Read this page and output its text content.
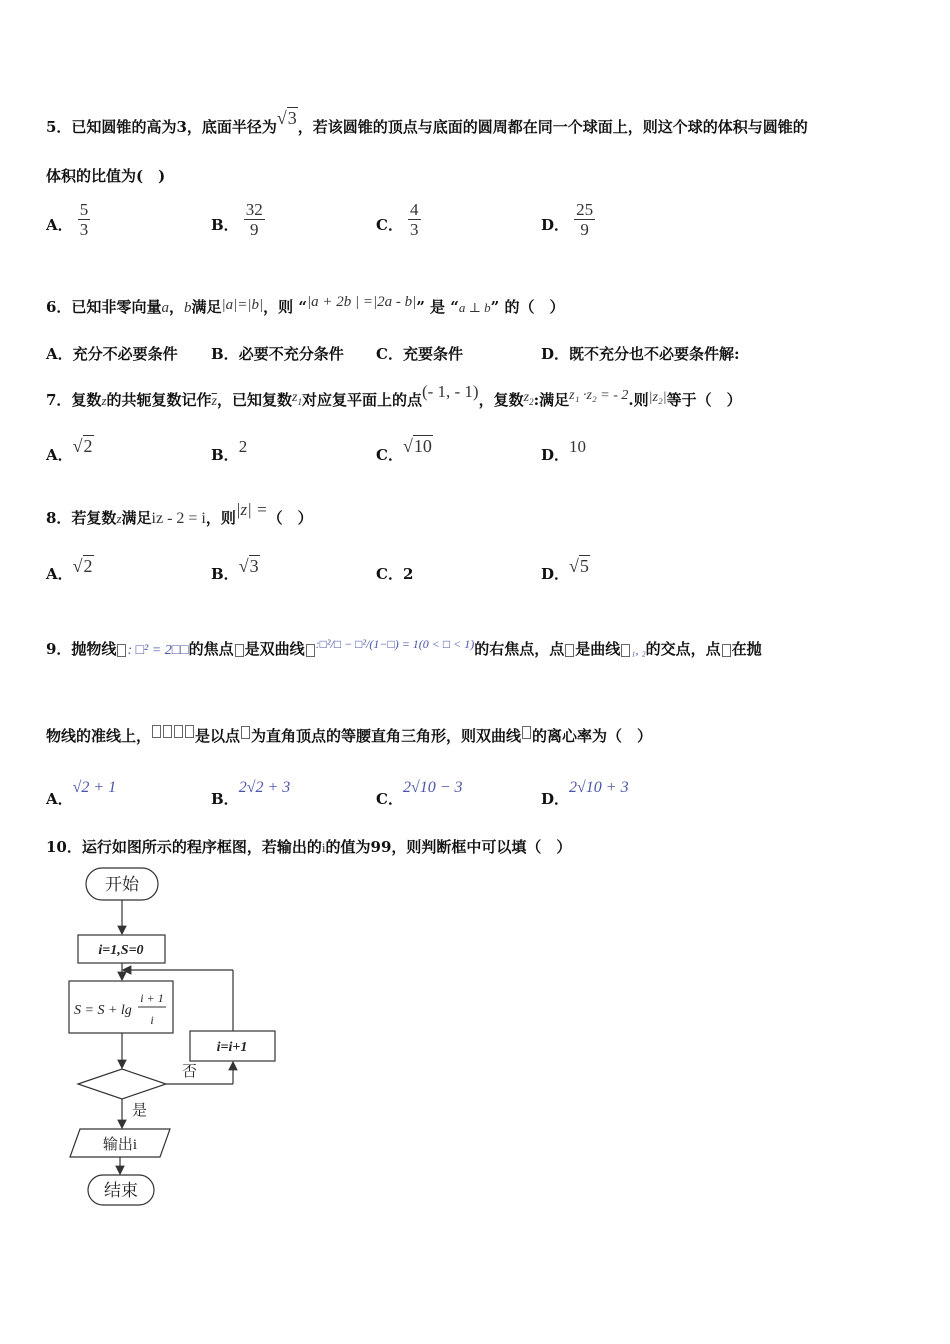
5．已知圆锥的高为3，底面半径为√3，若该圆锥的顶点与底面的圆周都在同一个球面上，则这个球的体积与圆锥的
体积的比值为(　)
A． $\frac{5}{3}$	B． $\frac{32}{9}$	C． $\frac{4}{3}$	D． $\frac{25}{9}$
6．已知非零向量a，b满足|a|=|b|，则 “|a + 2b | =|2a - b|” 是 “a ⊥ b” 的（　）
A．充分不必要条件 B．必要不充分条件 C．充要条件	D．既不充分也不必要条件解:
7．复数z的共轭复数记作$\overline{z}$，已知复数$z_1$对应复平面上的点(- 1, - 1)，复数$z_2$:满足z₁ ·z₂ = - 2.则|z₂|等于（　）
A．√2	B．2	C．√10	D．10
8．若复数z满足iz - 2 = i，则|z| =（　）
A．√2	B．√3	C．2	D．√5
9．抛物线 : □² = 2□□的焦点 是双曲线 $^{:□^2/□ - □^2/(1-□) = 1(0 < □ < 1)}$的右焦点，点 是曲线 ₁, ₂的交点，点 在抛
物线的准线上，	是以点 为直角顶点的等腰直角三角形，则双曲线 的离心率为（　）
A．√2 + 1
B．2√2 + 3
C．2√10 − 3
D．2√10 + 3
10．运行如图所示的程序框图，若输出的i的值为99，则判断框中可以填（　）
开始
i=1,S=0
S = S + lg
i + 1
i
否
i=i+1
是
输出i
结束
